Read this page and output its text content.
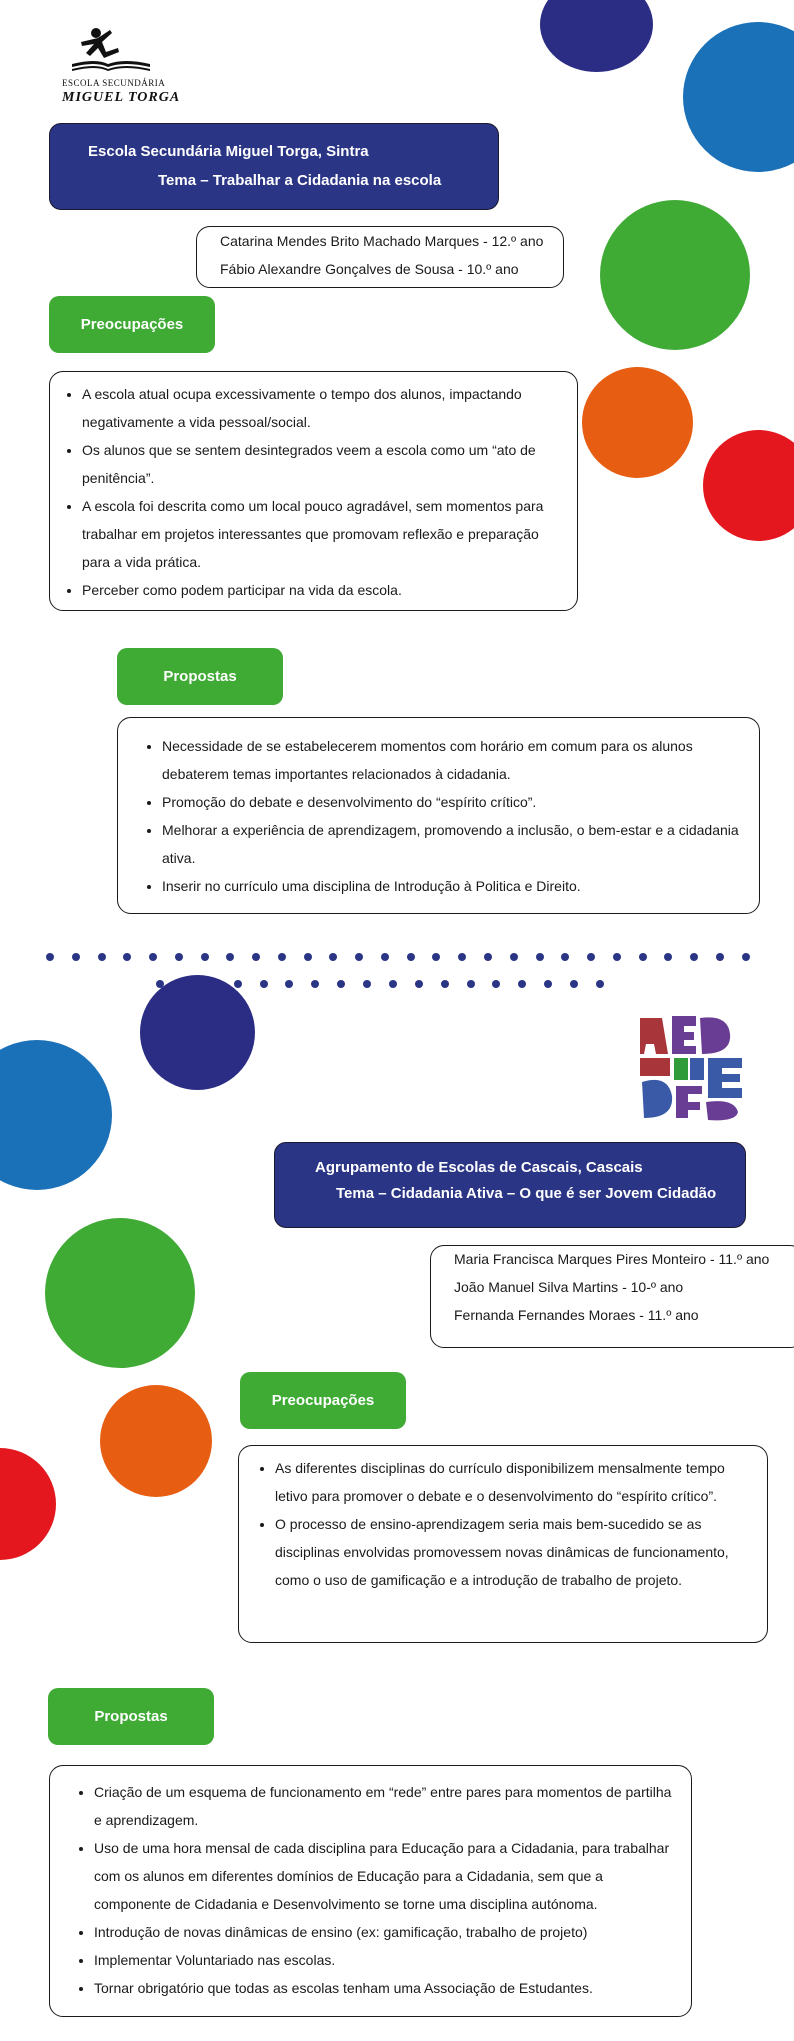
ESCOLA SECUNDÁRIA
MIGUEL TORGA
Escola Secundária Miguel Torga, Sintra
Tema – Trabalhar a Cidadania na escola
Catarina Mendes Brito Machado Marques - 12.º ano
Fábio Alexandre Gonçalves de Sousa - 10.º ano
Preocupações
• A escola atual ocupa excessivamente o tempo dos alunos, impactando negativamente a vida pessoal/social.
• Os alunos que se sentem desintegrados veem a escola como um “ato de penitência”.
• A escola foi descrita como um local pouco agradável, sem momentos para trabalhar em projetos interessantes que promovam reflexão e preparação para a vida prática.
• Perceber como podem participar na vida da escola.
Propostas
• Necessidade de se estabelecerem momentos com horário em comum para os alunos debaterem temas importantes relacionados à cidadania.
• Promoção do debate e desenvolvimento do “espírito crítico”.
• Melhorar a experiência de aprendizagem, promovendo a inclusão, o bem-estar e a cidadania ativa.
• Inserir no currículo uma disciplina de Introdução à Politica e Direito.
Agrupamento de Escolas de Cascais, Cascais
Tema – Cidadania Ativa – O que é ser Jovem Cidadão
Maria Francisca Marques Pires Monteiro - 11.º ano
João Manuel Silva Martins - 10-º ano
Fernanda Fernandes Moraes - 11.º ano
Preocupações
• As diferentes disciplinas do currículo disponibilizem mensalmente tempo letivo para promover o debate e o desenvolvimento do “espírito crítico”.
• O processo de ensino-aprendizagem seria mais bem-sucedido se as disciplinas envolvidas promovessem novas dinâmicas de funcionamento, como o uso de gamificação e a introdução de trabalho de projeto.
Propostas
• Criação de um esquema de funcionamento em “rede” entre pares para momentos de partilha e aprendizagem.
• Uso de uma hora mensal de cada disciplina para Educação para a Cidadania, para trabalhar com os alunos em diferentes domínios de Educação para a Cidadania, sem que a componente de Cidadania e Desenvolvimento se torne uma disciplina autónoma.
• Introdução de novas dinâmicas de ensino (ex: gamificação, trabalho de projeto)
• Implementar Voluntariado nas escolas.
• Tornar obrigatório que todas as escolas tenham uma Associação de Estudantes.
